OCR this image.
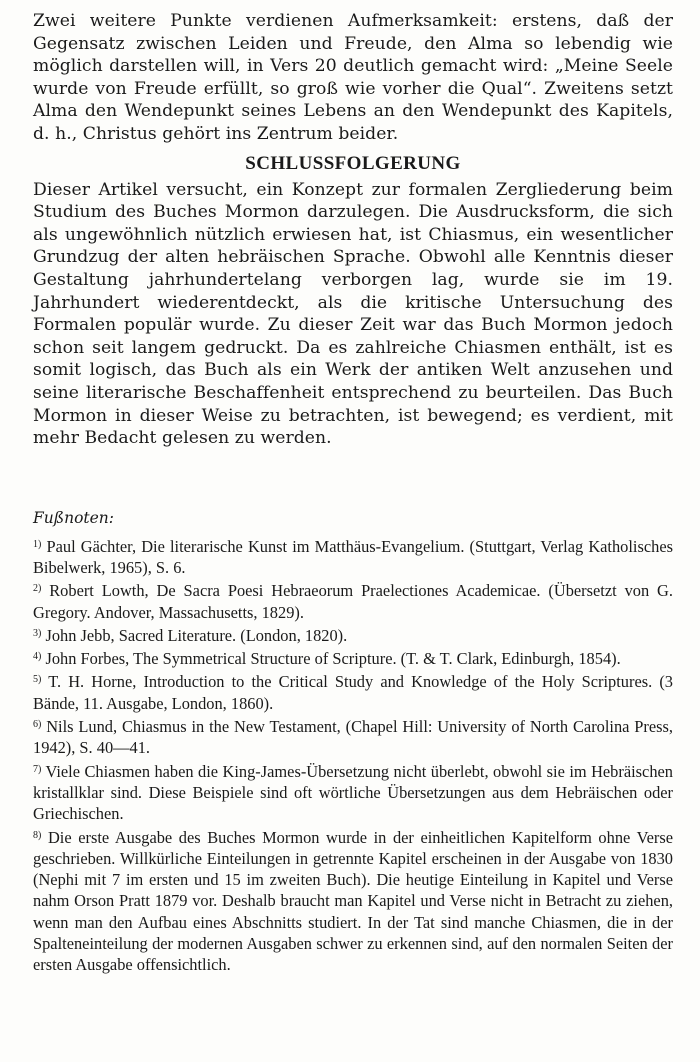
Zwei weitere Punkte verdienen Aufmerksamkeit: erstens, daß der Gegensatz zwischen Leiden und Freude, den Alma so lebendig wie möglich darstellen will, in Vers 20 deutlich gemacht wird: „Meine Seele wurde von Freude erfüllt, so groß wie vorher die Qual“. Zweitens setzt Alma den Wendepunkt seines Lebens an den Wendepunkt des Kapitels, d. h., Christus gehört ins Zentrum beider.

SCHLUSSFOLGERUNG

Dieser Artikel versucht, ein Konzept zur formalen Zergliederung beim Studium des Buches Mormon darzulegen. Die Ausdrucksform, die sich als ungewöhnlich nützlich erwiesen hat, ist Chiasmus, ein wesentlicher Grundzug der alten hebräischen Sprache. Obwohl alle Kenntnis dieser Gestaltung jahrhundertelang verborgen lag, wurde sie im 19. Jahrhundert wiederentdeckt, als die kritische Untersuchung des Formalen populär wurde. Zu dieser Zeit war das Buch Mormon jedoch schon seit langem gedruckt. Da es zahlreiche Chiasmen enthält, ist es somit logisch, das Buch als ein Werk der antiken Welt anzusehen und seine literarische Beschaffenheit entsprechend zu beurteilen. Das Buch Mormon in dieser Weise zu betrachten, ist bewegend; es verdient, mit mehr Bedacht gelesen zu werden.

Fußnoten:

$^{1)}$ Paul Gächter, Die literarische Kunst im Matthäus-Evangelium. (Stuttgart, Verlag Katholisches Bibelwerk, 1965), S. 6.

$^{2)}$ Robert Lowth, De Sacra Poesi Hebraeorum Praelectiones Academicae. (Übersetzt von G. Gregory. Andover, Massachusetts, 1829).

$^{3)}$ John Jebb, Sacred Literature. (London, 1820).

$^{4)}$ John Forbes, The Symmetrical Structure of Scripture. (T. & T. Clark, Edinburgh, 1854).

$^{5)}$ T. H. Horne, Introduction to the Critical Study and Knowledge of the Holy Scriptures. (3 Bände, 11. Ausgabe, London, 1860).

$^{6)}$ Nils Lund, Chiasmus in the New Testament, (Chapel Hill: University of North Carolina Press, 1942), S. 40—41.

$^{7)}$ Viele Chiasmen haben die King-James-Übersetzung nicht überlebt, obwohl sie im Hebräischen kristallklar sind. Diese Beispiele sind oft wörtliche Übersetzungen aus dem Hebräischen oder Griechischen.

$^{8)}$ Die erste Ausgabe des Buches Mormon wurde in der einheitlichen Kapitelform ohne Verse geschrieben. Willkürliche Einteilungen in getrennte Kapitel erscheinen in der Ausgabe von 1830 (Nephi mit 7 im ersten und 15 im zweiten Buch). Die heutige Einteilung in Kapitel und Verse nahm Orson Pratt 1879 vor. Deshalb braucht man Kapitel und Verse nicht in Betracht zu ziehen, wenn man den Aufbau eines Abschnitts studiert. In der Tat sind manche Chiasmen, die in der Spalteneinteilung der modernen Ausgaben schwer zu erkennen sind, auf den normalen Seiten der ersten Ausgabe offensichtlich.
